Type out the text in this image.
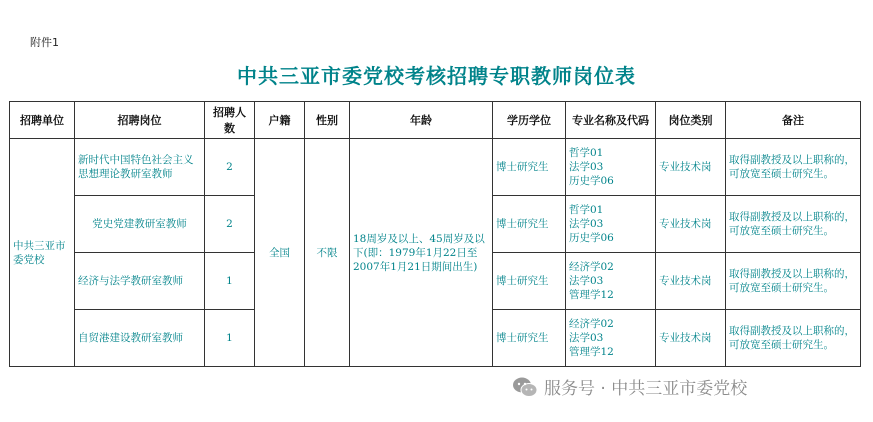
附件1
中共三亚市委党校考核招聘专职教师岗位表
招聘单位	招聘岗位	招聘人数	户籍	性别	年龄	学历学位	专业名称及代码	岗位类别	备注
中共三亚市委党校	新时代中国特色社会主义思想理论教研室教师	2	全国	不限	18周岁及以上、45周岁及以下(即：1979年1月22日至2007年1月21日期间出生)	博士研究生	哲学01
法学03
历史学06	专业技术岗	取得副教授及以上职称的，可放宽至硕士研究生。
	党史党建教研室教师	2				博士研究生	哲学01
法学03
历史学06	专业技术岗	取得副教授及以上职称的，可放宽至硕士研究生。
	经济与法学教研室教师	1				博士研究生	经济学02
法学03
管理学12	专业技术岗	取得副教授及以上职称的，可放宽至硕士研究生。
	自贸港建设教研室教师	1				博士研究生	经济学02
法学03
管理学12	专业技术岗	取得副教授及以上职称的，可放宽至硕士研究生。
服务号 · 中共三亚市委党校
